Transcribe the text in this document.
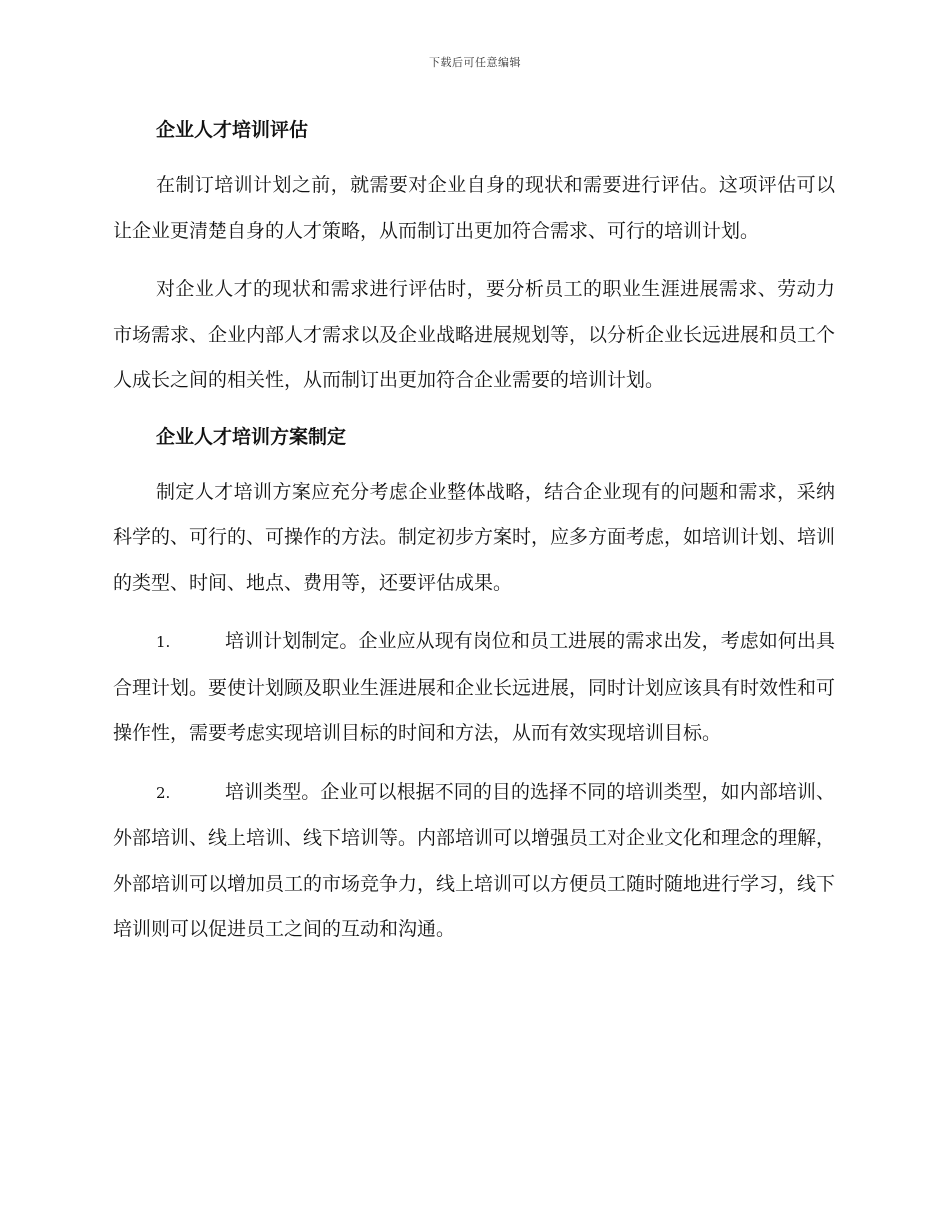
下载后可任意编辑
企业人才培训评估
在制订培训计划之前，就需要对企业自身的现状和需要进行评估。这项评估可以让企业更清楚自身的人才策略，从而制订出更加符合需求、可行的培训计划。
对企业人才的现状和需求进行评估时，要分析员工的职业生涯进展需求、劳动力市场需求、企业内部人才需求以及企业战略进展规划等，以分析企业长远进展和员工个人成长之间的相关性，从而制订出更加符合企业需要的培训计划。
企业人才培训方案制定
制定人才培训方案应充分考虑企业整体战略，结合企业现有的问题和需求，采纳科学的、可行的、可操作的方法。制定初步方案时，应多方面考虑，如培训计划、培训的类型、时间、地点、费用等，还要评估成果。
1.	培训计划制定。企业应从现有岗位和员工进展的需求出发，考虑如何出具合理计划。要使计划顾及职业生涯进展和企业长远进展，同时计划应该具有时效性和可操作性，需要考虑实现培训目标的时间和方法，从而有效实现培训目标。
2.	培训类型。企业可以根据不同的目的选择不同的培训类型，如内部培训、外部培训、线上培训、线下培训等。内部培训可以增强员工对企业文化和理念的理解，外部培训可以增加员工的市场竞争力，线上培训可以方便员工随时随地进行学习，线下培训则可以促进员工之间的互动和沟通。
